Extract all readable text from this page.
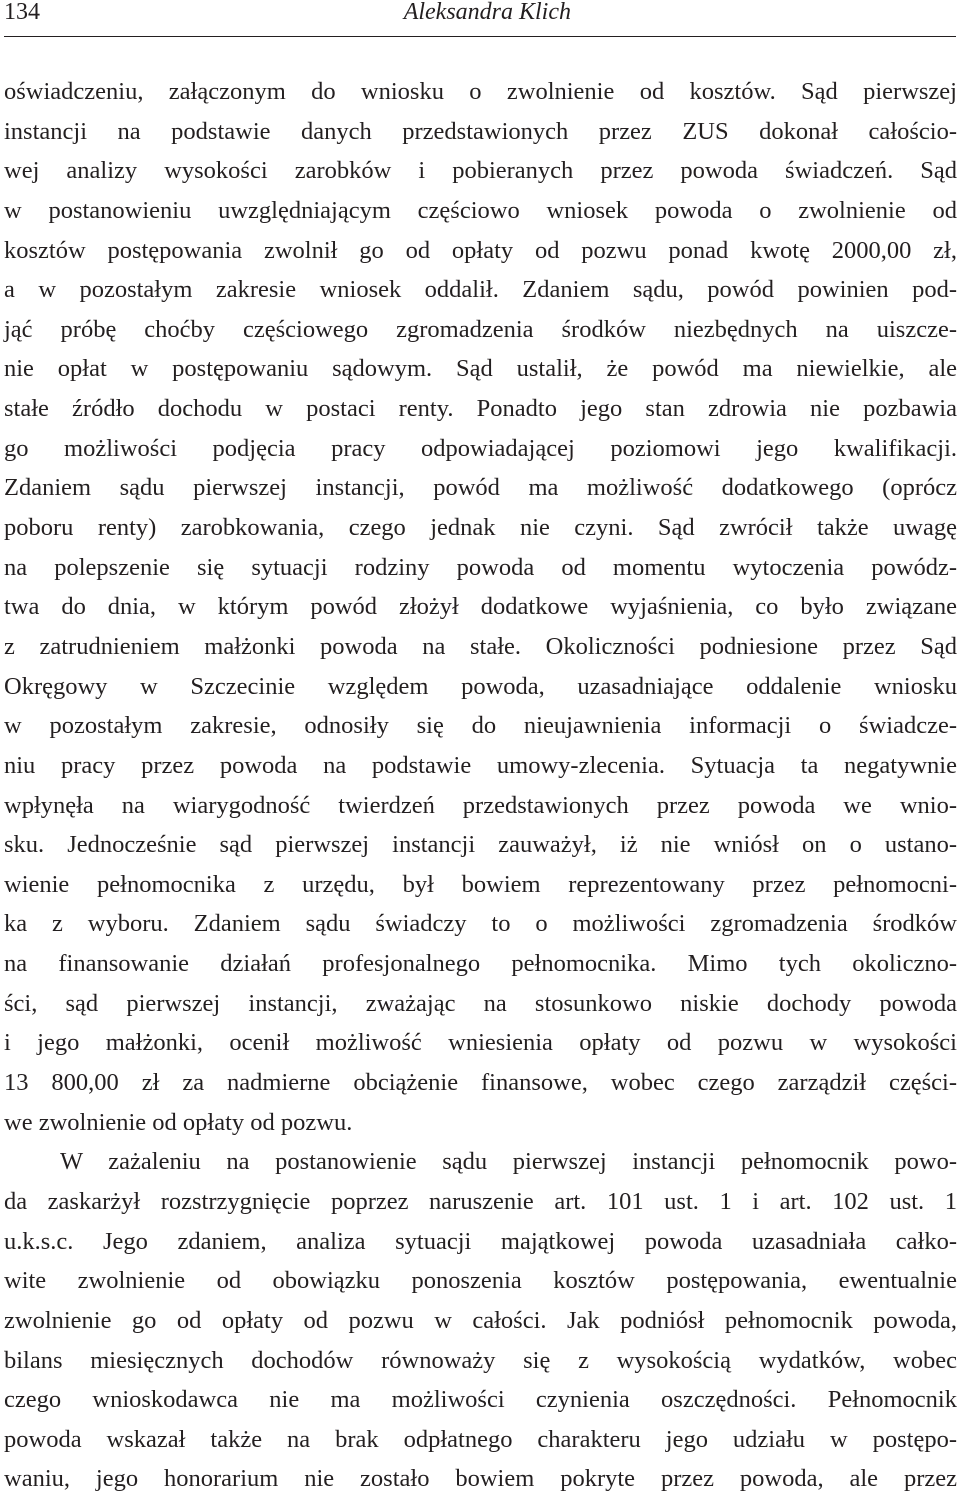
134	Aleksandra Klich
oświadczeniu, załączonym do wniosku o zwolnienie od kosztów. Sąd pierwszej
instancji na podstawie danych przedstawionych przez ZUS dokonał całościo-
wej analizy wysokości zarobków i pobieranych przez powoda świadczeń. Sąd
w postanowieniu uwzględniającym częściowo wniosek powoda o zwolnienie od
kosztów postępowania zwolnił go od opłaty od pozwu ponad kwotę 2000,00 zł,
a w pozostałym zakresie wniosek oddalił. Zdaniem sądu, powód powinien pod-
jąć próbę choćby częściowego zgromadzenia środków niezbędnych na uiszcze-
nie opłat w postępowaniu sądowym. Sąd ustalił, że powód ma niewielkie, ale
stałe źródło dochodu w postaci renty. Ponadto jego stan zdrowia nie pozbawia
go możliwości podjęcia pracy odpowiadającej poziomowi jego kwalifikacji.
Zdaniem sądu pierwszej instancji, powód ma możliwość dodatkowego (oprócz
poboru renty) zarobkowania, czego jednak nie czyni. Sąd zwrócił także uwagę
na polepszenie się sytuacji rodziny powoda od momentu wytoczenia powódz-
twa do dnia, w którym powód złożył dodatkowe wyjaśnienia, co było związane
z zatrudnieniem małżonki powoda na stałe. Okoliczności podniesione przez Sąd
Okręgowy w Szczecinie względem powoda, uzasadniające oddalenie wniosku
w pozostałym zakresie, odnosiły się do nieujawnienia informacji o świadcze-
niu pracy przez powoda na podstawie umowy-zlecenia. Sytuacja ta negatywnie
wpłynęła na wiarygodność twierdzeń przedstawionych przez powoda we wnio-
sku. Jednocześnie sąd pierwszej instancji zauważył, iż nie wniósł on o ustano-
wienie pełnomocnika z urzędu, był bowiem reprezentowany przez pełnomocni-
ka z wyboru. Zdaniem sądu świadczy to o możliwości zgromadzenia środków
na finansowanie działań profesjonalnego pełnomocnika. Mimo tych okoliczno-
ści, sąd pierwszej instancji, zważając na stosunkowo niskie dochody powoda
i jego małżonki, ocenił możliwość wniesienia opłaty od pozwu w wysokości
13 800,00 zł za nadmierne obciążenie finansowe, wobec czego zarządził części-
we zwolnienie od opłaty od pozwu.
W zażaleniu na postanowienie sądu pierwszej instancji pełnomocnik powo-
da zaskarżył rozstrzygnięcie poprzez naruszenie art. 101 ust. 1 i art. 102 ust. 1
u.k.s.c. Jego zdaniem, analiza sytuacji majątkowej powoda uzasadniała całko-
wite zwolnienie od obowiązku ponoszenia kosztów postępowania, ewentualnie
zwolnienie go od opłaty od pozwu w całości. Jak podniósł pełnomocnik powoda,
bilans miesięcznych dochodów równoważy się z wysokością wydatków, wobec
czego wnioskodawca nie ma możliwości czynienia oszczędności. Pełnomocnik
powoda wskazał także na brak odpłatnego charakteru jego udziału w postępo-
waniu, jego honorarium nie zostało bowiem pokryte przez powoda, ale przez
